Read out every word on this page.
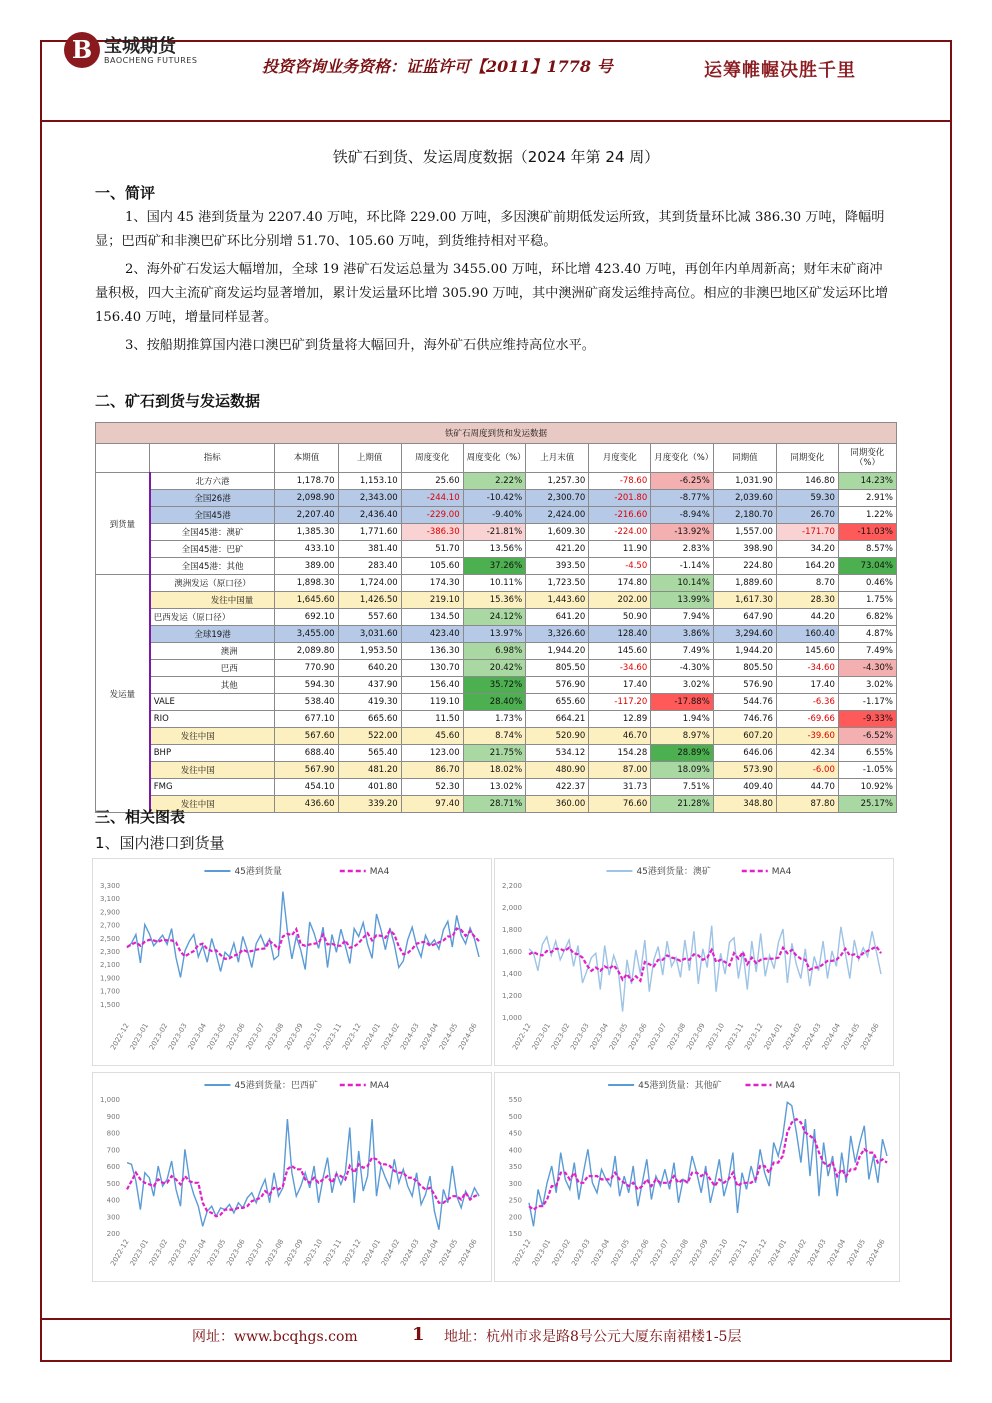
B 宝城期货
BAOCHENG FUTURES	投资咨询业务资格：证监许可【2011】1778 号	运筹帷幄决胜千里
铁矿石到货、发运周度数据（2024 年第 24 周）
一、简评
1、国内 45 港到货量为 2207.40 万吨，环比降 229.00 万吨，多因澳矿前期低发运所致，其到货量环比减 386.30 万吨，降幅明显；巴西矿和非澳巴矿环比分别增 51.70、105.60 万吨，到货维持相对平稳。
2、海外矿石发运大幅增加，全球 19 港矿石发运总量为 3455.00 万吨，环比增 423.40 万吨，再创年内单周新高；财年末矿商冲量积极，四大主流矿商发运均显著增加，累计发运量环比增 305.90 万吨，其中澳洲矿商发运维持高位。相应的非澳巴地区矿发运环比增 156.40 万吨，增量同样显著。
3、按船期推算国内港口澳巴矿到货量将大幅回升，海外矿石供应维持高位水平。
二、矿石到货与发运数据
铁矿石周度到货和发运数据											
	指标	本期值	上期值	周度变化	周度变化（%）	上月末值	月度变化	月度变化（%）	同期值	同期变化	同期变化（%）
到货量	北方六港	1,178.70	1,153.10	25.60	2.22%	1,257.30	-78.60	-6.25%	1,031.90	146.80	14.23%
	全国26港	2,098.90	2,343.00	-244.10	-10.42%	2,300.70	-201.80	-8.77%	2,039.60	59.30	2.91%
	全国45港	2,207.40	2,436.40	-229.00	-9.40%	2,424.00	-216.60	-8.94%	2,180.70	26.70	1.22%
	全国45港：澳矿	1,385.30	1,771.60	-386.30	-21.81%	1,609.30	-224.00	-13.92%	1,557.00	-171.70	-11.03%
	全国45港：巴矿	433.10	381.40	51.70	13.56%	421.20	11.90	2.83%	398.90	34.20	8.57%
	全国45港：其他	389.00	283.40	105.60	37.26%	393.50	-4.50	-1.14%	224.80	164.20	73.04%
发运量	澳洲发运（原口径）	1,898.30	1,724.00	174.30	10.11%	1,723.50	174.80	10.14%	1,889.60	8.70	0.46%
	发往中国量	1,645.60	1,426.50	219.10	15.36%	1,443.60	202.00	13.99%	1,617.30	28.30	1.75%
	巴西发运（原口径）	692.10	557.60	134.50	24.12%	641.20	50.90	7.94%	647.90	44.20	6.82%
	全球19港	3,455.00	3,031.60	423.40	13.97%	3,326.60	128.40	3.86%	3,294.60	160.40	4.87%
	澳洲	2,089.80	1,953.50	136.30	6.98%	1,944.20	145.60	7.49%	1,944.20	145.60	7.49%
	巴西	770.90	640.20	130.70	20.42%	805.50	-34.60	-4.30%	805.50	-34.60	-4.30%
	其他	594.30	437.90	156.40	35.72%	576.90	17.40	3.02%	576.90	17.40	3.02%
	VALE	538.40	419.30	119.10	28.40%	655.60	-117.20	-17.88%	544.76	-6.36	-1.17%
	RIO	677.10	665.60	11.50	1.73%	664.21	12.89	1.94%	746.76	-69.66	-9.33%
	发往中国	567.60	522.00	45.60	8.74%	520.90	46.70	8.97%	607.20	-39.60	-6.52%
	BHP	688.40	565.40	123.00	21.75%	534.12	154.28	28.89%	646.06	42.34	6.55%
	发往中国	567.90	481.20	86.70	18.02%	480.90	87.00	18.09%	573.90	-6.00	-1.05%
	FMG	454.10	401.80	52.30	13.02%	422.37	31.73	7.51%	409.40	44.70	10.92%
	发往中国	436.60	339.20	97.40	28.71%	360.00	76.60	21.28%	348.80	87.80	25.17%
三、相关图表
1、国内港口到货量
45港到货量	MA4
1,500
1,700
1,900
2,100
2,300
2,500
2,700
2,900
3,100
3,300
2022-12
2023-01
2023-02
2023-03
2023-04
2023-05
2023-06
2023-07
2023-08
2023-09
2023-10
2023-11
2023-12
2024-01
2024-02
2024-03
2024-04
2024-05
2024-06
45港到货量：澳矿	MA4
1,000
1,200
1,400
1,600
1,800
2,000
2,200
2022-12
2023-01
2023-02
2023-03
2023-04
2023-05
2023-06
2023-07
2023-08
2023-09
2023-10
2023-11
2023-12
2024-01
2024-02
2024-03
2024-04
2024-05
2024-06
45港到货量：巴西矿	MA4
200
300
400
500
600
700
800
900
1,000
2022-12
2023-01
2023-02
2023-03
2023-04
2023-05
2023-06
2023-07
2023-08
2023-09
2023-10
2023-11
2023-12
2024-01
2024-02
2024-03
2024-04
2024-05
2024-06
45港到货量：其他矿	MA4
150
200
250
300
350
400
450
500
550
2022-12
2023-01
2023-02
2023-03
2023-04
2023-05
2023-06
2023-07
2023-08
2023-09
2023-10
2023-11
2023-12
2024-01
2024-02
2024-03
2024-04
2024-05
2024-06
网址：www.bcqhgs.com	1 地址：杭州市求是路8号公元大厦东南裙楼1-5层
